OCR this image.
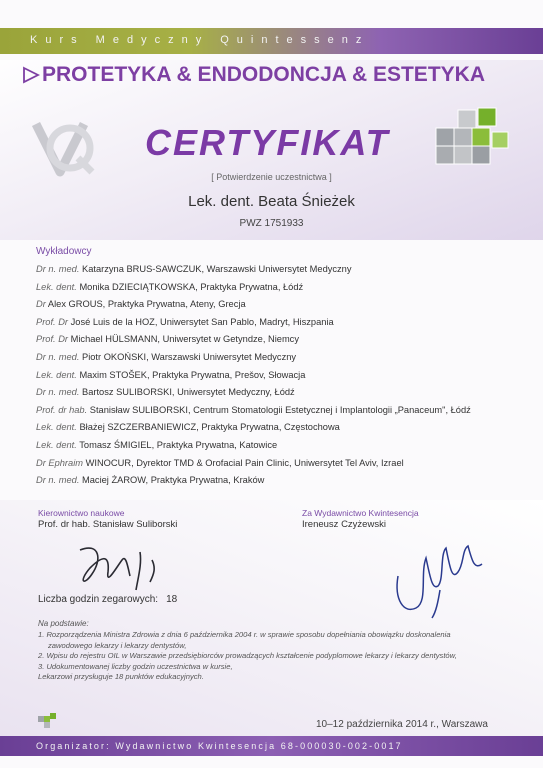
Kurs Medyczny Quintessenz
PROTETYKA & ENDODONCJA & ESTETYKA
CERTYFIKAT
[ Potwierdzenie uczestnictwa ]
Lek. dent. Beata Śnieżek
PWZ 1751933
Wykładowcy
Dr n. med. Katarzyna BRUS-SAWCZUK, Warszawski Uniwersytet Medyczny
Lek. dent. Monika DZIECIĄTKOWSKA, Praktyka Prywatna, Łódź
Dr Alex GROUS, Praktyka Prywatna, Ateny, Grecja
Prof. Dr José Luis de la HOZ, Uniwersytet San Pablo, Madryt, Hiszpania
Prof. Dr Michael HÜLSMANN, Uniwersytet w Getyndze, Niemcy
Dr n. med. Piotr OKOŃSKI, Warszawski Uniwersytet Medyczny
Lek. dent. Maxim STOŠEK, Praktyka Prywatna, Prešov, Słowacja
Dr n. med. Bartosz SULIBORSKI, Uniwersytet Medyczny, Łódź
Prof. dr hab. Stanisław SULIBORSKI, Centrum Stomatologii Estetycznej i Implantologii „Panaceum", Łódź
Lek. dent. Błażej SZCZERBANIEWICZ, Praktyka Prywatna, Częstochowa
Lek. dent. Tomasz ŚMIGIEL, Praktyka Prywatna, Katowice
Dr Ephraim WINOCUR, Dyrektor TMD & Orofacial Pain Clinic, Uniwersytet Tel Aviv, Izrael
Dr n. med. Maciej ŻAROW, Praktyka Prywatna, Kraków
Kierownictwo naukowe
Prof. dr hab. Stanisław Suliborski
Za Wydawnictwo Kwintesencja
Ireneusz Czyżewski
Liczba godzin zegarowych: 18
Na podstawie:
1. Rozporządzenia Ministra Zdrowia z dnia 6 października 2004 r. w sprawie sposobu dopełniania obowiązku doskonalenia
zawodowego lekarzy i lekarzy dentystów,
2. Wpisu do rejestru OIL w Warszawie przedsiębiorców prowadzących kształcenie podyplomowe lekarzy i lekarzy dentystów,
3. Udokumentowanej liczby godzin uczestnictwa w kursie,
Lekarzowi przysługuje 18 punktów edukacyjnych.
10–12 października 2014 r., Warszawa
Organizator: Wydawnictwo Kwintesencja 68-000030-002-0017
